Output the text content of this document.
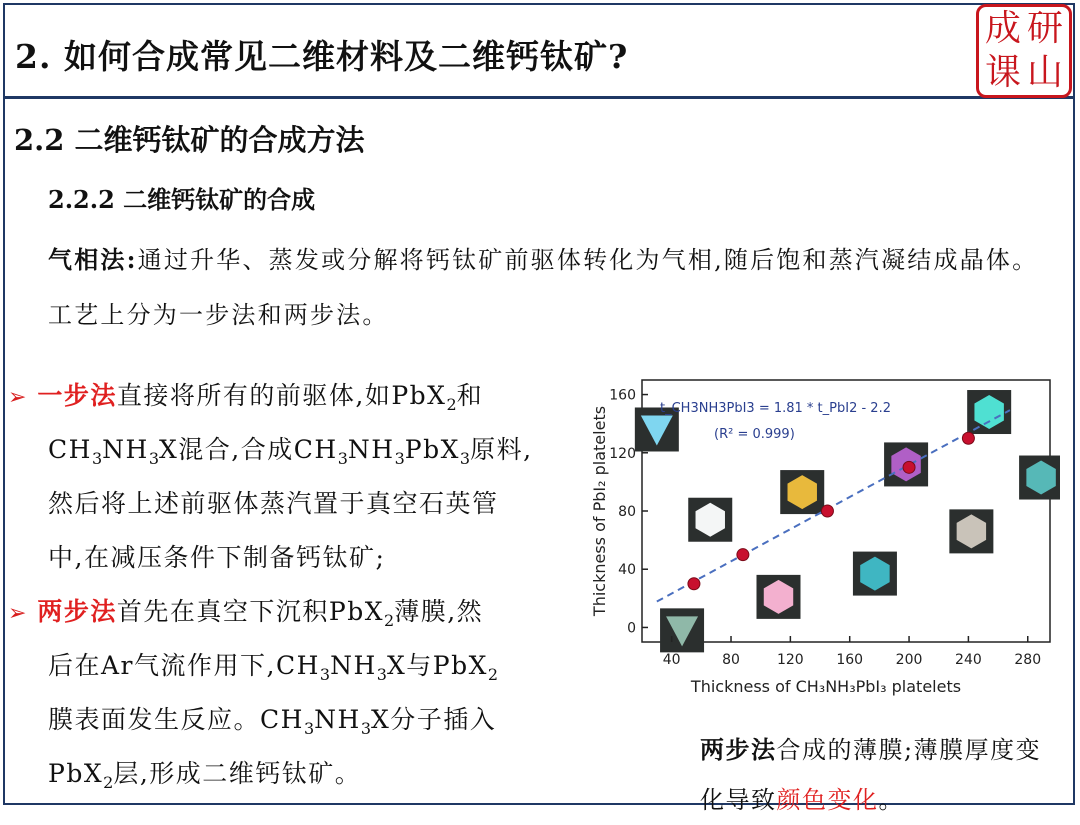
2. 如何合成常见二维材料及二维钙钛矿?
成 研
课 山
2.2 二维钙钛矿的合成方法
2.2.2 二维钙钛矿的合成
气相法:通过升华、蒸发或分解将钙钛矿前驱体转化为气相,随后饱和蒸汽凝结成晶体。工艺上分为一步法和两步法。
➢ 一步法直接将所有的前驱体,如PbX$_2$和
$CH_3NH_3X$混合,合成$CH_3NH_3PbX_3$原料,
然后将上述前驱体蒸汽置于真空石英管
中,在减压条件下制备钙钛矿;
➢ 两步法首先在真空下沉积PbX$_2$薄膜,然
后在Ar气流作用下$,CH_3NH_3X$与PbX$_2$
膜表面发生反应。$CH_3NH_3X$分子插入
PbX$_2$层,形成二维钙钛矿。
40	80	120 160 200 240 280
0
40
80
120
160
Thickness of CH₃NH₃PbI₃ platelets
Thickness of PbI₂ platelets	t_CH3NH3PbI3 = 1.81 * t_PbI2 - 2.2
(R² = 0.999)
两步法合成的薄膜;薄膜厚度变化导致颜色变化。
